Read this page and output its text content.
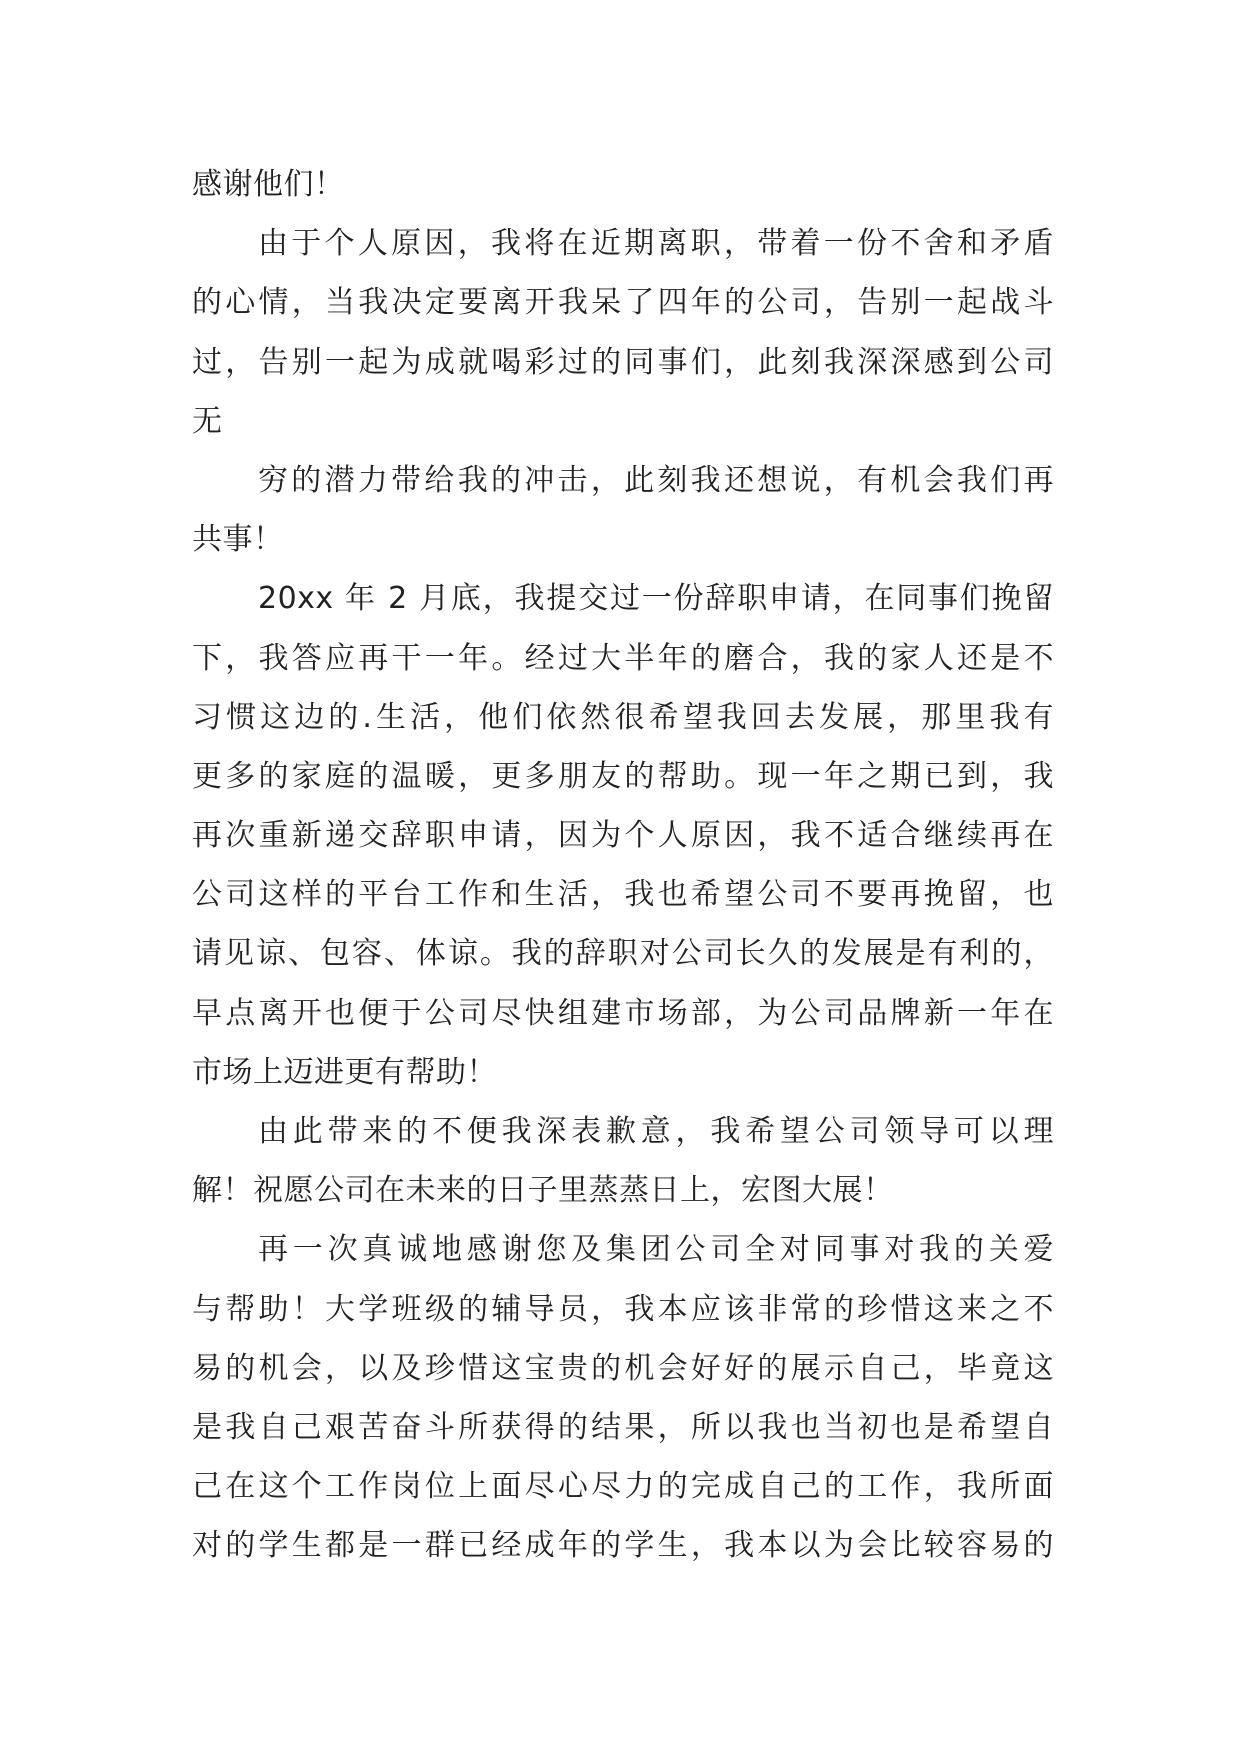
感谢他们！
由于个人原因，我将在近期离职，带着一份不舍和矛盾
的心情，当我决定要离开我呆了四年的公司，告别一起战斗
过，告别一起为成就喝彩过的同事们，此刻我深深感到公司
无
穷的潜力带给我的冲击，此刻我还想说，有机会我们再
共事！
20xx 年 2 月底，我提交过一份辞职申请，在同事们挽留
下，我答应再干一年。经过大半年的磨合，我的家人还是不
习惯这边的.生活，他们依然很希望我回去发展，那里我有
更多的家庭的温暖，更多朋友的帮助。现一年之期已到，我
再次重新递交辞职申请，因为个人原因，我不适合继续再在
公司这样的平台工作和生活，我也希望公司不要再挽留，也
请见谅、包容、体谅。我的辞职对公司长久的发展是有利的，
早点离开也便于公司尽快组建市场部，为公司品牌新一年在
市场上迈进更有帮助！
由此带来的不便我深表歉意，我希望公司领导可以理
解！祝愿公司在未来的日子里蒸蒸日上，宏图大展！
再一次真诚地感谢您及集团公司全对同事对我的关爱
与帮助！大学班级的辅导员，我本应该非常的珍惜这来之不
易的机会，以及珍惜这宝贵的机会好好的展示自己，毕竟这
是我自己艰苦奋斗所获得的结果，所以我也当初也是希望自
己在这个工作岗位上面尽心尽力的完成自己的工作，我所面
对的学生都是一群已经成年的学生，我本以为会比较容易的
